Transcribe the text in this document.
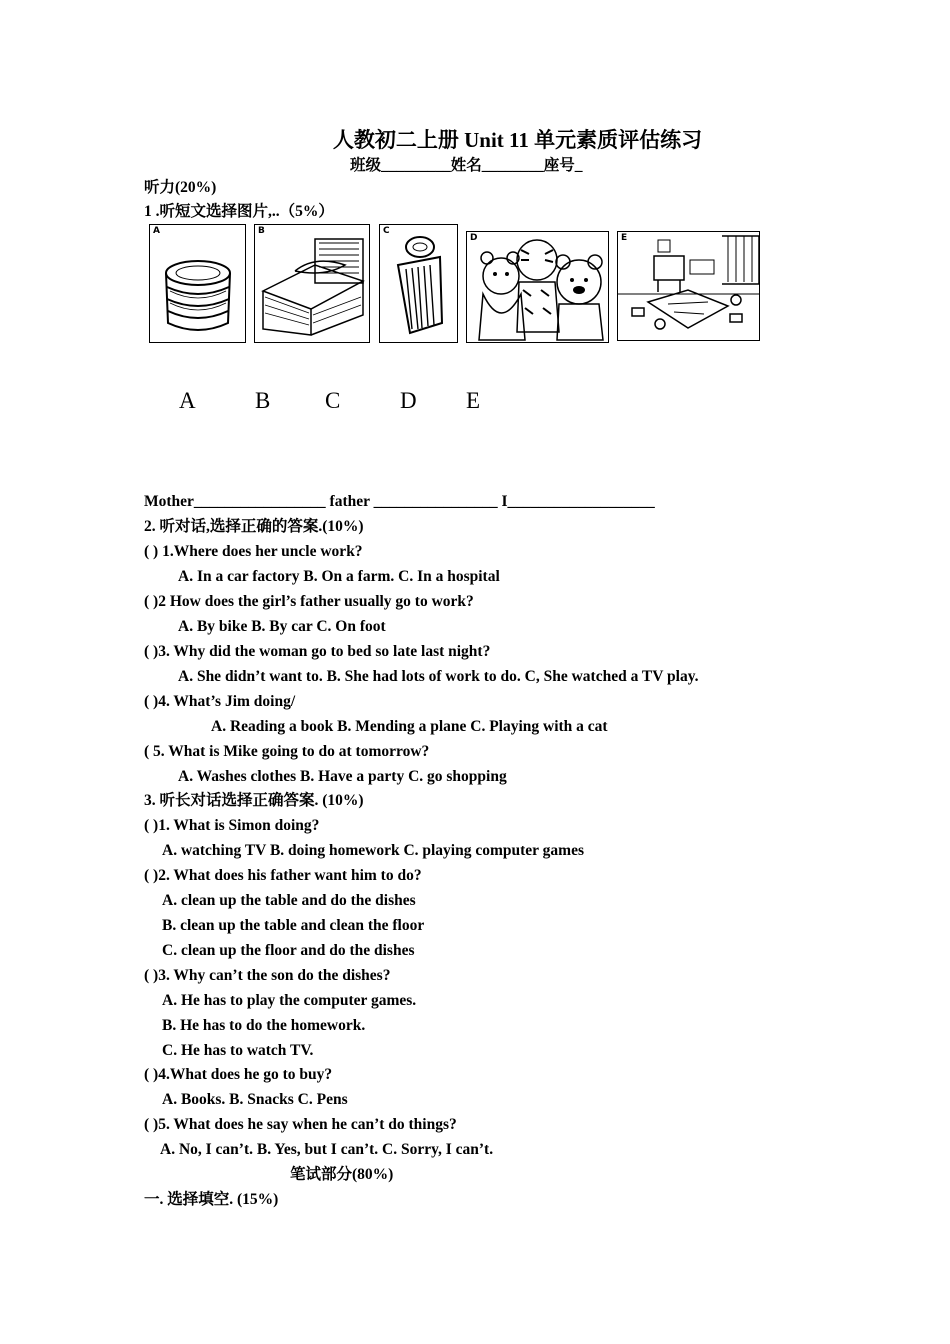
人教初二上册 Unit 11 单元素质评估练习
班级_________姓名________座号_
听力(20%)
1 .听短文选择图片,..（5%）
A	B	C
D	E
A	B C	D E
Mother_________________ father ________________ I___________________
2. 听对话,选择正确的答案.(10%)
( ) 1.Where does her uncle work?
A. In a car factory B. On a farm. C. In a hospital
( )2 How does the girl’s father usually go to work?
A. By bike B. By car C. On foot
( )3. Why did the woman go to bed so late last night?
A. She didn’t want to. B. She had lots of work to do. C, She watched a TV play.
( )4. What’s Jim doing/
A. Reading a book B. Mending a plane C. Playing with a cat
( 5. What is Mike going to do at tomorrow?
A. Washes clothes B. Have a party C. go shopping
3. 听长对话选择正确答案. (10%)
( )1. What is Simon doing?
A. watching TV B. doing homework C. playing computer games
( )2. What does his father want him to do?
A. clean up the table and do the dishes
B. clean up the table and clean the floor
C. clean up the floor and do the dishes
( )3. Why can’t the son do the dishes?
A. He has to play the computer games.
B. He has to do the homework.
C. He has to watch TV.
( )4.What does he go to buy?
A. Books. B. Snacks C. Pens
( )5. What does he say when he can’t do things?
A. No, I can’t. B. Yes, but I can’t. C. Sorry, I can’t.
笔试部分(80%)
一. 选择填空. (15%)
